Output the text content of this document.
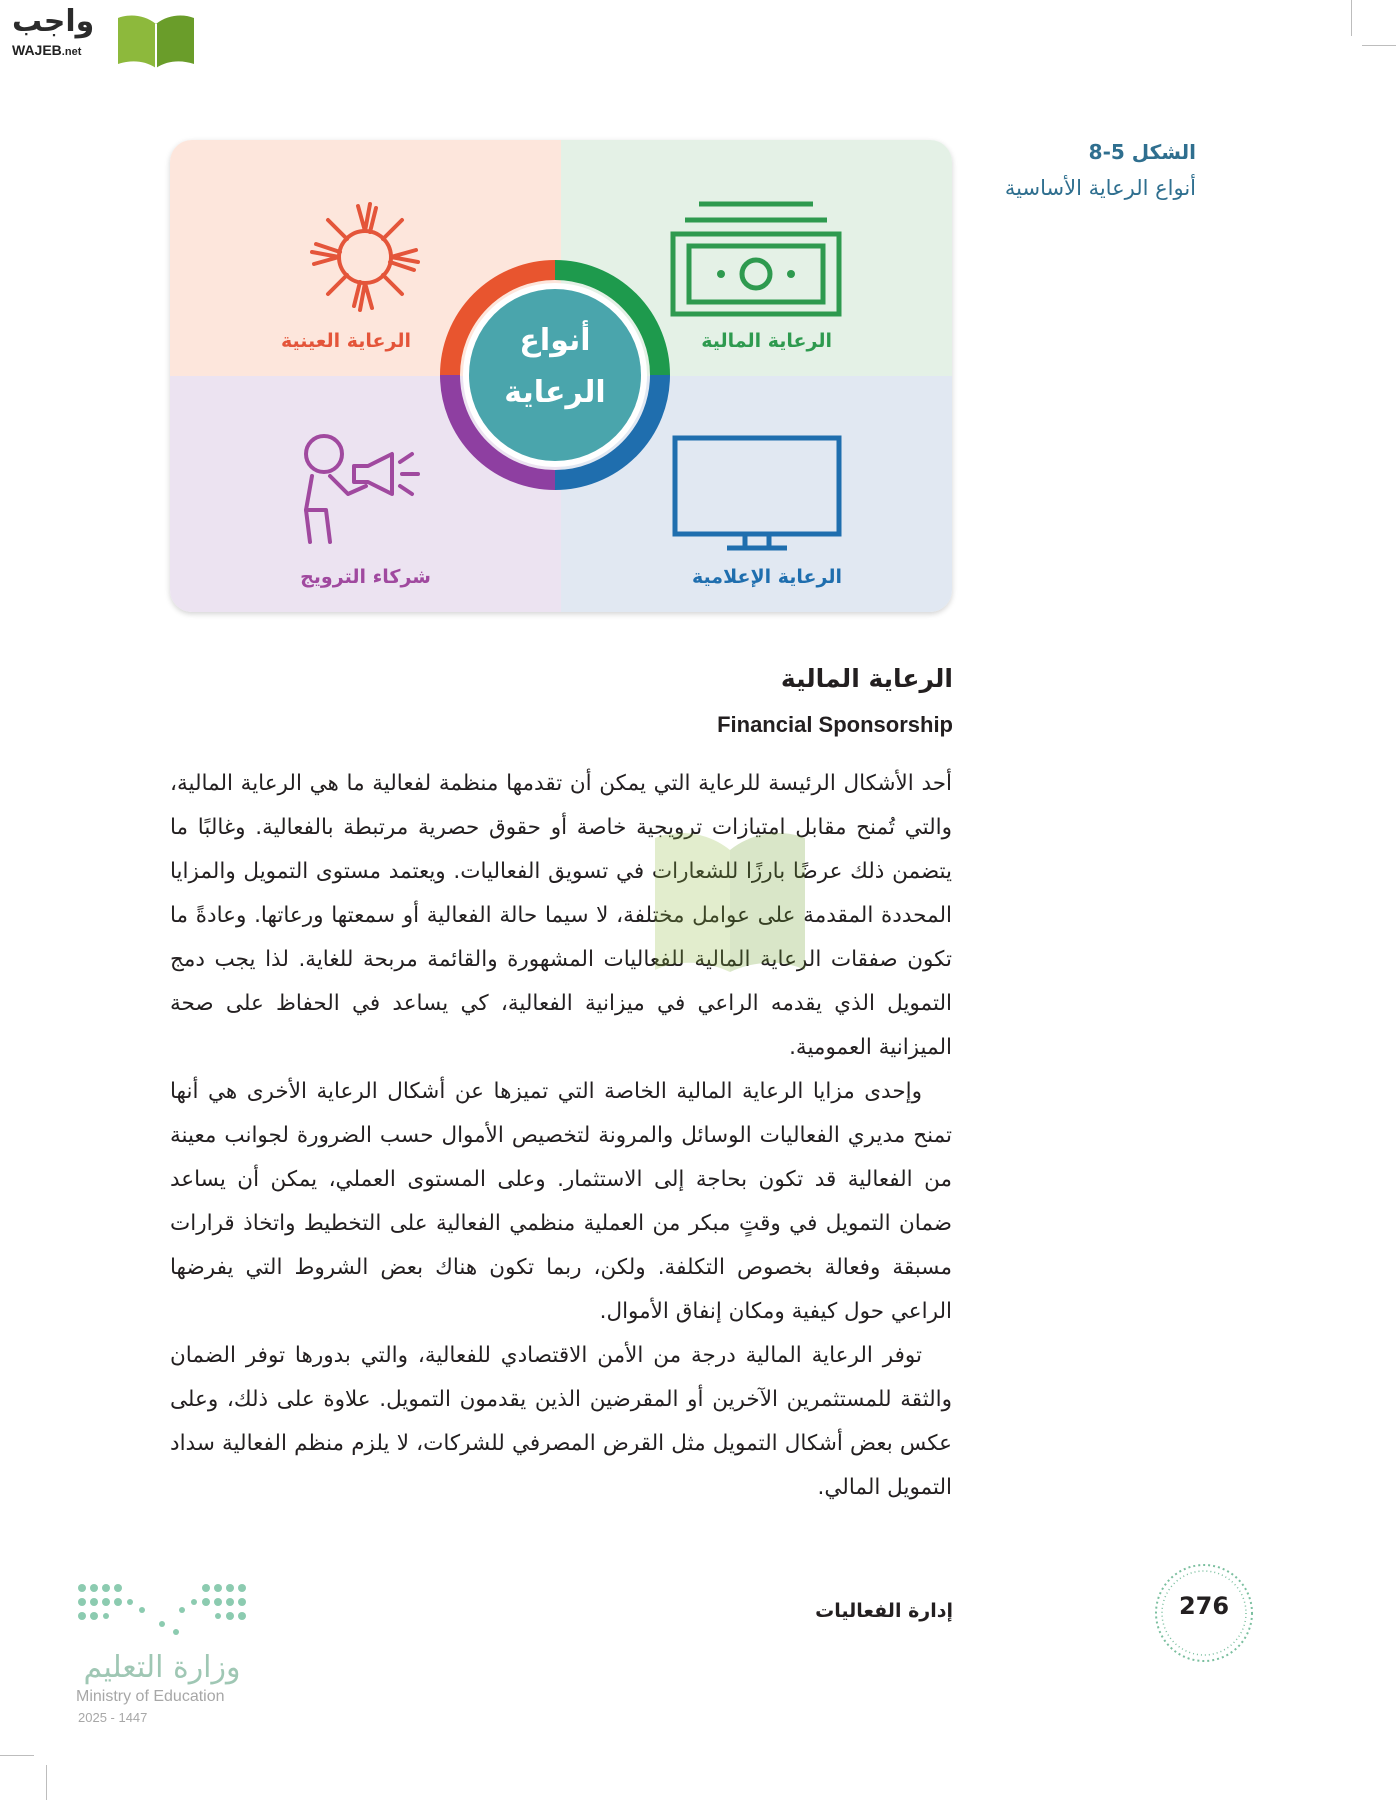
واجب
WAJEB.net
الشكل 5-8
أنواع الرعاية الأساسية
الرعاية المالية
الرعاية العينية
الرعاية الإعلامية
شركاء الترويج
أنواع
الرعاية
الرعاية المالية
Financial Sponsorship

أحد الأشكال الرئيسة للرعاية التي يمكن أن تقدمها منظمة لفعالية ما هي الرعاية المالية، والتي تُمنح مقابل امتيازات ترويجية خاصة أو حقوق حصرية مرتبطة بالفعالية. وغالبًا ما يتضمن ذلك عرضًا بارزًا للشعارات في تسويق الفعاليات. ويعتمد مستوى التمويل والمزايا المحددة المقدمة على عوامل مختلفة، لا سيما حالة الفعالية أو سمعتها ورعاتها. وعادةً ما تكون صفقات الرعاية المالية للفعاليات المشهورة والقائمة مربحة للغاية. لذا يجب دمج التمويل الذي يقدمه الراعي في ميزانية الفعالية، كي يساعد في الحفاظ على صحة الميزانية العمومية.

وإحدى مزايا الرعاية المالية الخاصة التي تميزها عن أشكال الرعاية الأخرى هي أنها تمنح مديري الفعاليات الوسائل والمرونة لتخصيص الأموال حسب الضرورة لجوانب معينة من الفعالية قد تكون بحاجة إلى الاستثمار. وعلى المستوى العملي، يمكن أن يساعد ضمان التمويل في وقتٍ مبكر من العملية منظمي الفعالية على التخطيط واتخاذ قرارات مسبقة وفعالة بخصوص التكلفة. ولكن، ربما تكون هناك بعض الشروط التي يفرضها الراعي حول كيفية ومكان إنفاق الأموال.

توفر الرعاية المالية درجة من الأمن الاقتصادي للفعالية، والتي بدورها توفر الضمان والثقة للمستثمرين الآخرين أو المقرضين الذين يقدمون التمويل. علاوة على ذلك، وعلى عكس بعض أشكال التمويل مثل القرض المصرفي للشركات، لا يلزم منظم الفعالية سداد التمويل المالي.

إدارة الفعاليات	276
وزارة التعليم
Ministry of Education
2025 - 1447
